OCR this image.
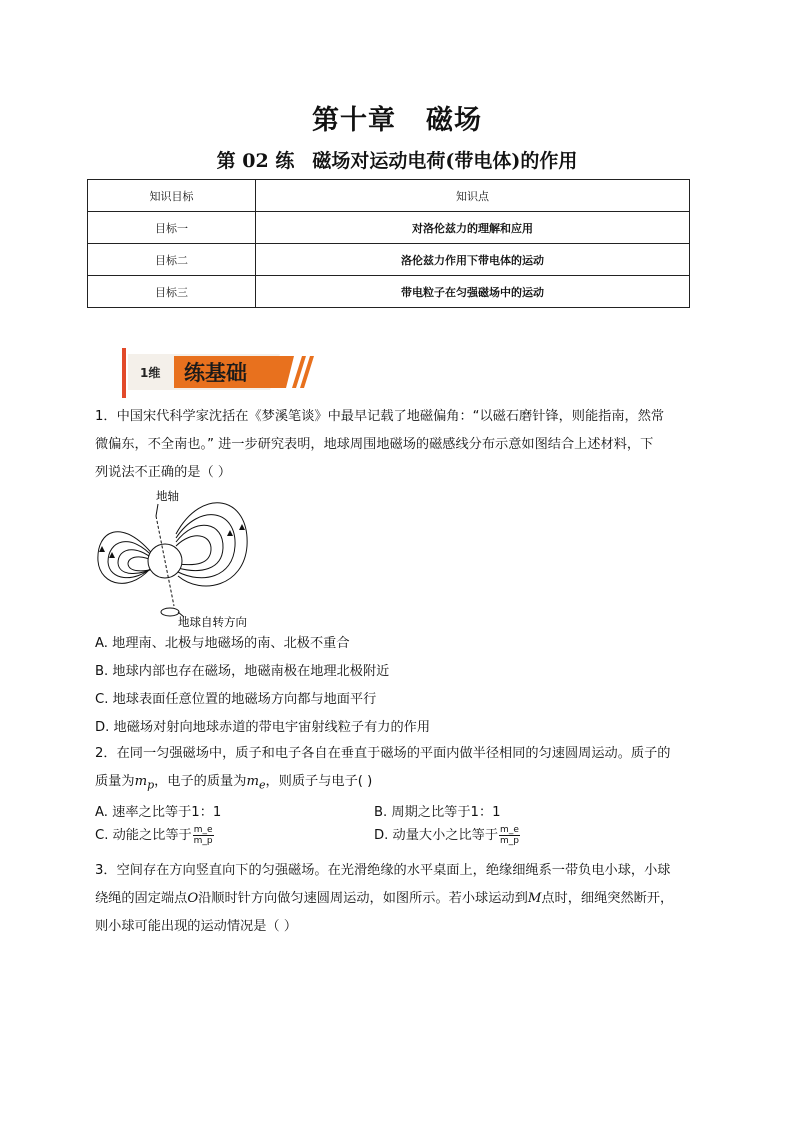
第十章 磁场
第 02 练 磁场对运动电荷(带电体)的作用
知识目标	知识点
目标一	对洛伦兹力的理解和应用
目标二	洛伦兹力作用下带电体的运动
目标三	带电粒子在匀强磁场中的运动
1维 练基础
1．中国宋代科学家沈括在《梦溪笔谈》中最早记载了地磁偏角：“以磁石磨针锋，则能指南，然常
微偏东，不全南也。” 进一步研究表明，地球周围地磁场的磁感线分布示意如图结合上述材料，下
列说法不正确的是（ ）
地轴
地球自转方向
A. 地理南、北极与地磁场的南、北极不重合
B. 地球内部也存在磁场，地磁南极在地理北极附近
C. 地球表面任意位置的地磁场方向都与地面平行
D. 地磁场对射向地球赤道的带电宇宙射线粒子有力的作用
2．在同一匀强磁场中，质子和电子各自在垂直于磁场的平面内做半径相同的匀速圆周运动。质子的
质量为$m_p$，电子的质量为$m_e$，则质子与电子( )
A. 速率之比等于1：1	B. 周期之比等于1：1
C. 动能之比等于 $\frac{m\_e}{m\_p}$	D. 动量大小之比等于 $\frac{m\_e}{m\_p}$
3．空间存在方向竖直向下的匀强磁场。在光滑绝缘的水平桌面上，绝缘细绳系一带负电小球，小球
绕绳的固定端点O沿顺时针方向做匀速圆周运动，如图所示。若小球运动到M点时，细绳突然断开，
则小球可能出现的运动情况是（ ）
